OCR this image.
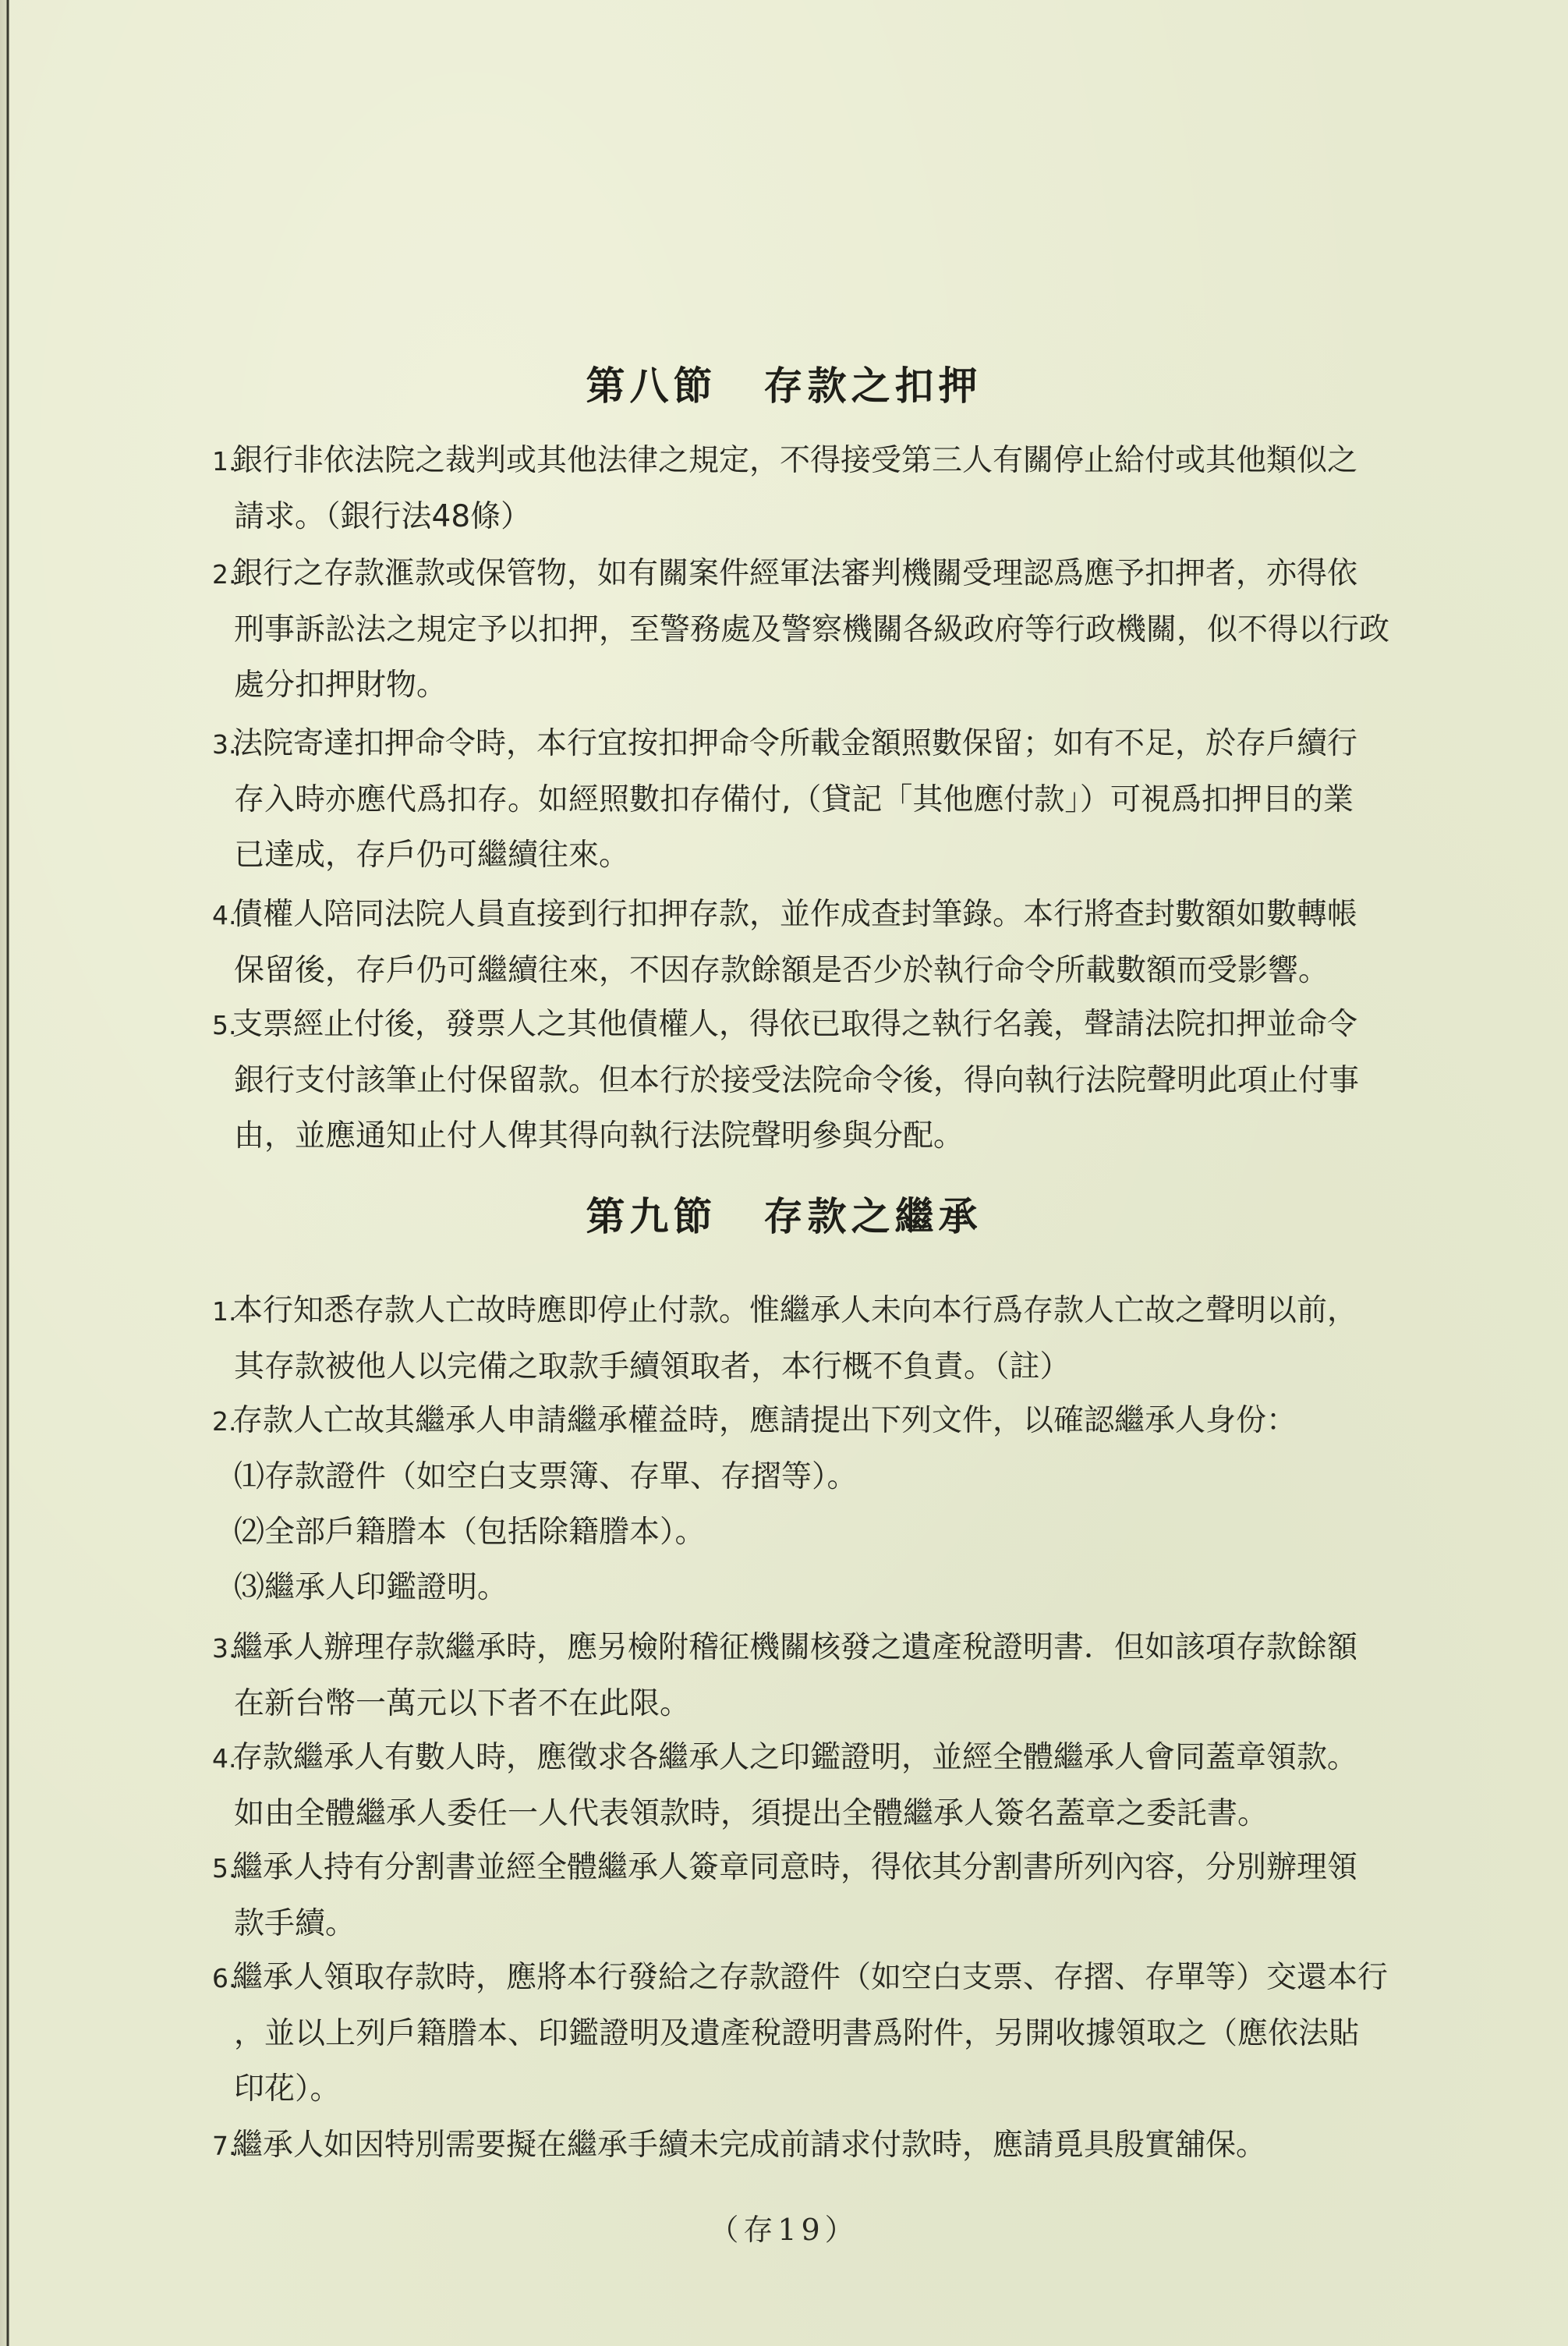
第八節 存款之扣押
1.銀行非依法院之裁判或其他法律之規定，不得接受第三人有關停止給付或其他類似之
請求。（銀行法48條）
2.銀行之存款滙款或保管物，如有關案件經軍法審判機關受理認爲應予扣押者，亦得依
刑事訴訟法之規定予以扣押，至警務處及警察機關各級政府等行政機關，似不得以行政
處分扣押財物。
3.法院寄達扣押命令時，本行宜按扣押命令所載金額照數保留；如有不足，於存戶續行
存入時亦應代爲扣存。如經照數扣存備付,（貸記「其他應付款」）可視爲扣押目的業
已達成，存戶仍可繼續往來。
4.債權人陪同法院人員直接到行扣押存款，並作成查封筆錄。本行將查封數額如數轉帳
保留後，存戶仍可繼續往來，不因存款餘額是否少於執行命令所載數額而受影響。
5.支票經止付後，發票人之其他債權人，得依已取得之執行名義，聲請法院扣押並命令
銀行支付該筆止付保留款。但本行於接受法院命令後，得向執行法院聲明此項止付事
由，並應通知止付人俾其得向執行法院聲明參與分配。
第九節 存款之繼承
1.本行知悉存款人亡故時應即停止付款。惟繼承人未向本行爲存款人亡故之聲明以前，
其存款被他人以完備之取款手續領取者，本行概不負責。（註）
2.存款人亡故其繼承人申請繼承權益時，應請提出下列文件，以確認繼承人身份：
⑴存款證件（如空白支票簿、存單、存摺等）。
⑵全部戶籍謄本（包括除籍謄本）。
⑶繼承人印鑑證明。
3.繼承人辦理存款繼承時，應另檢附稽征機關核發之遺產稅證明書．但如該項存款餘額
在新台幣一萬元以下者不在此限。
4.存款繼承人有數人時，應徵求各繼承人之印鑑證明，並經全體繼承人會同蓋章領款。
如由全體繼承人委任一人代表領款時，須提出全體繼承人簽名蓋章之委託書。
5.繼承人持有分割書並經全體繼承人簽章同意時，得依其分割書所列內容，分別辦理領
款手續。
6.繼承人領取存款時，應將本行發給之存款證件（如空白支票、存摺、存單等）交還本行
，並以上列戶籍謄本、印鑑證明及遺產稅證明書爲附件，另開收據領取之（應依法貼
印花）。
7.繼承人如因特別需要擬在繼承手續未完成前請求付款時，應請覓具殷實舖保。
（存19）
